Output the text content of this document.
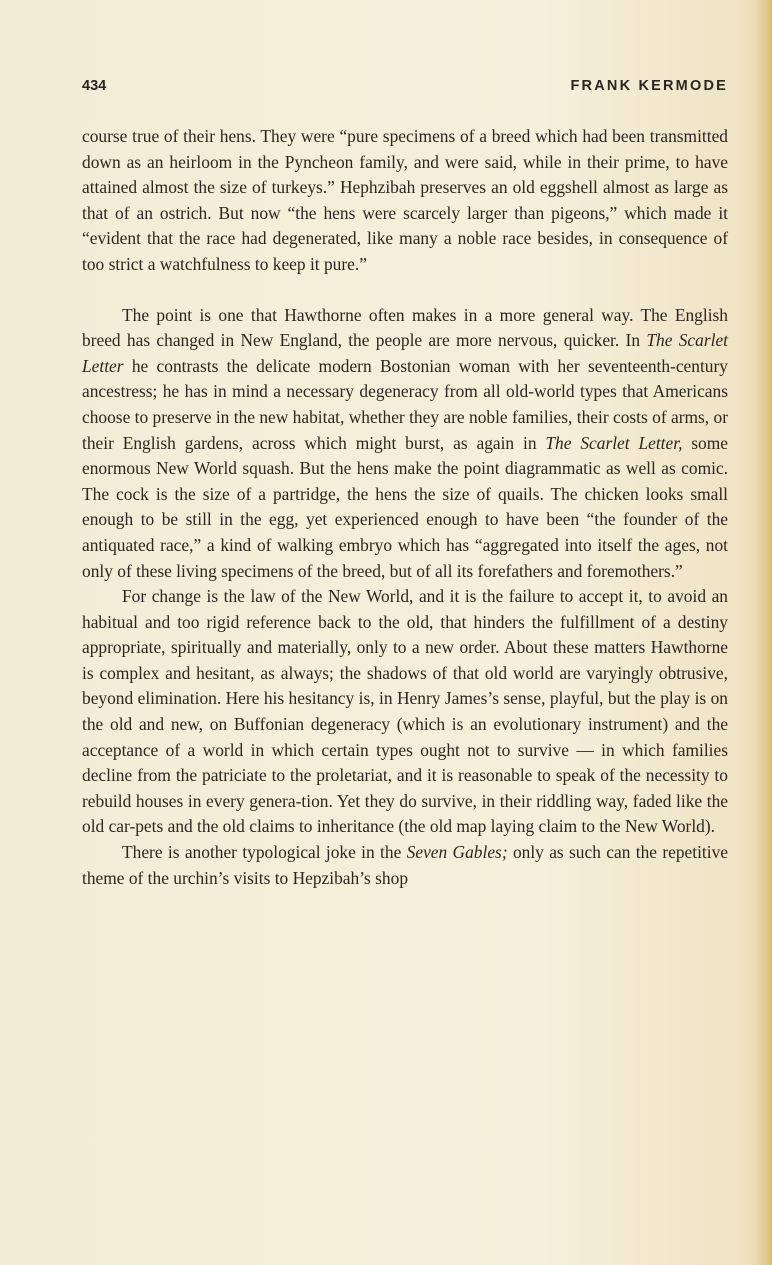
434	FRANK KERMODE

course true of their hens. They were “pure specimens of a breed which had been transmitted down as an heirloom in the Pyncheon family, and were said, while in their prime, to have attained almost the size of turkeys.” Hephzibah preserves an old eggshell almost as large as that of an ostrich. But now “the hens were scarcely larger than pigeons,” which made it “evident that the race had degenerated, like many a noble race besides, in consequence of too strict a watchfulness to keep it pure.”

The point is one that Hawthorne often makes in a more general way. The English breed has changed in New England, the people are more nervous, quicker. In The Scarlet Letter he contrasts the delicate modern Bostonian woman with her seventeenth-century ancestress; he has in mind a necessary degeneracy from all old-world types that Americans choose to preserve in the new habitat, whether they are noble families, their costs of arms, or their English gardens, across which might burst, as again in The Scarlet Letter, some enormous New World squash. But the hens make the point diagrammatic as well as comic. The cock is the size of a partridge, the hens the size of quails. The chicken looks small enough to be still in the egg, yet experienced enough to have been “the founder of the antiquated race,” a kind of walking embryo which has “aggregated into itself the ages, not only of these living specimens of the breed, but of all its forefathers and foremothers.”

For change is the law of the New World, and it is the failure to accept it, to avoid an habitual and too rigid reference back to the old, that hinders the fulfillment of a destiny appropriate, spiritually and materially, only to a new order. About these matters Hawthorne is complex and hesitant, as always; the shadows of that old world are varyingly obtrusive, beyond elimination. Here his hesitancy is, in Henry James’s sense, playful, but the play is on the old and new, on Buffonian degeneracy (which is an evolutionary instrument) and the acceptance of a world in which certain types ought not to survive — in which families decline from the patriciate to the proletariat, and it is reasonable to speak of the necessity to rebuild houses in every genera-tion. Yet they do survive, in their riddling way, faded like the old car-pets and the old claims to inheritance (the old map laying claim to the New World).

There is another typological joke in the Seven Gables; only as such can the repetitive theme of the urchin’s visits to Hepzibah’s shop
